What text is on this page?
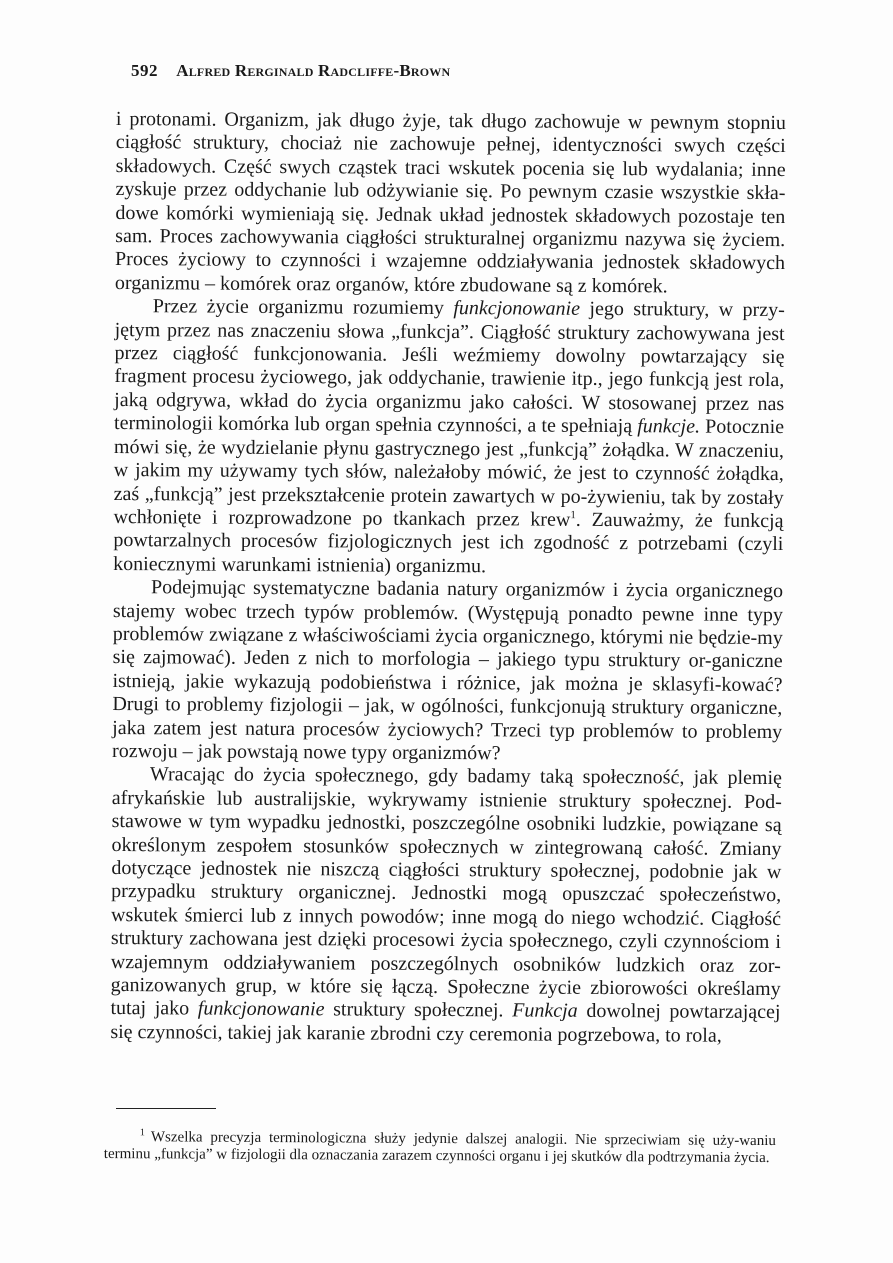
592 Alfred Rerginald Radcliffe-Brown

i protonami. Organizm, jak długo żyje, tak długo zachowuje w pewnym stopniu ciągłość struktury, chociaż nie zachowuje pełnej, identyczności swych części składowych. Część swych cząstek traci wskutek pocenia się lub wydalania; inne zyskuje przez oddychanie lub odżywianie się. Po pewnym czasie wszystkie skła-dowe komórki wymieniają się. Jednak układ jednostek składowych pozostaje ten sam. Proces zachowywania ciągłości strukturalnej organizmu nazywa się życiem. Proces życiowy to czynności i wzajemne oddziaływania jednostek składowych organizmu – komórek oraz organów, które zbudowane są z komórek.

Przez życie organizmu rozumiemy funkcjonowanie jego struktury, w przy-jętym przez nas znaczeniu słowa „funkcja”. Ciągłość struktury zachowywana jest przez ciągłość funkcjonowania. Jeśli weźmiemy dowolny powtarzający się fragment procesu życiowego, jak oddychanie, trawienie itp., jego funkcją jest rola, jaką odgrywa, wkład do życia organizmu jako całości. W stosowanej przez nas terminologii komórka lub organ spełnia czynności, a te spełniają funkcje. Potocznie mówi się, że wydzielanie płynu gastrycznego jest „funkcją” żołądka. W znaczeniu, w jakim my używamy tych słów, należałoby mówić, że jest to czynność żołądka, zaś „funkcją” jest przekształcenie protein zawartych w po-żywieniu, tak by zostały wchłonięte i rozprowadzone po tkankach przez krew$^1$. Zauważmy, że funkcją powtarzalnych procesów fizjologicznych jest ich zgodność z potrzebami (czyli koniecznymi warunkami istnienia) organizmu.

Podejmując systematyczne badania natury organizmów i życia organicznego stajemy wobec trzech typów problemów. (Występują ponadto pewne inne typy problemów związane z właściwościami życia organicznego, którymi nie będzie-my się zajmować). Jeden z nich to morfologia – jakiego typu struktury or-ganiczne istnieją, jakie wykazują podobieństwa i różnice, jak można je sklasyfi-kować? Drugi to problemy fizjologii – jak, w ogólności, funkcjonują struktury organiczne, jaka zatem jest natura procesów życiowych? Trzeci typ problemów to problemy rozwoju – jak powstają nowe typy organizmów?

Wracając do życia społecznego, gdy badamy taką społeczność, jak plemię afrykańskie lub australijskie, wykrywamy istnienie struktury społecznej. Pod-stawowe w tym wypadku jednostki, poszczególne osobniki ludzkie, powiązane są określonym zespołem stosunków społecznych w zintegrowaną całość. Zmiany dotyczące jednostek nie niszczą ciągłości struktury społecznej, podobnie jak w przypadku struktury organicznej. Jednostki mogą opuszczać społeczeństwo, wskutek śmierci lub z innych powodów; inne mogą do niego wchodzić. Ciągłość struktury zachowana jest dzięki procesowi życia społecznego, czyli czynnościom i wzajemnym oddziaływaniem poszczególnych osobników ludzkich oraz zor-ganizowanych grup, w które się łączą. Społeczne życie zbiorowości określamy tutaj jako funkcjonowanie struktury społecznej. Funkcja dowolnej powtarzającej się czynności, takiej jak karanie zbrodni czy ceremonia pogrzebowa, to rola,

$^1$ Wszelka precyzja terminologiczna służy jedynie dalszej analogii. Nie sprzeciwiam się uży-waniu terminu „funkcja” w fizjologii dla oznaczania zarazem czynności organu i jej skutków dla podtrzymania życia.
